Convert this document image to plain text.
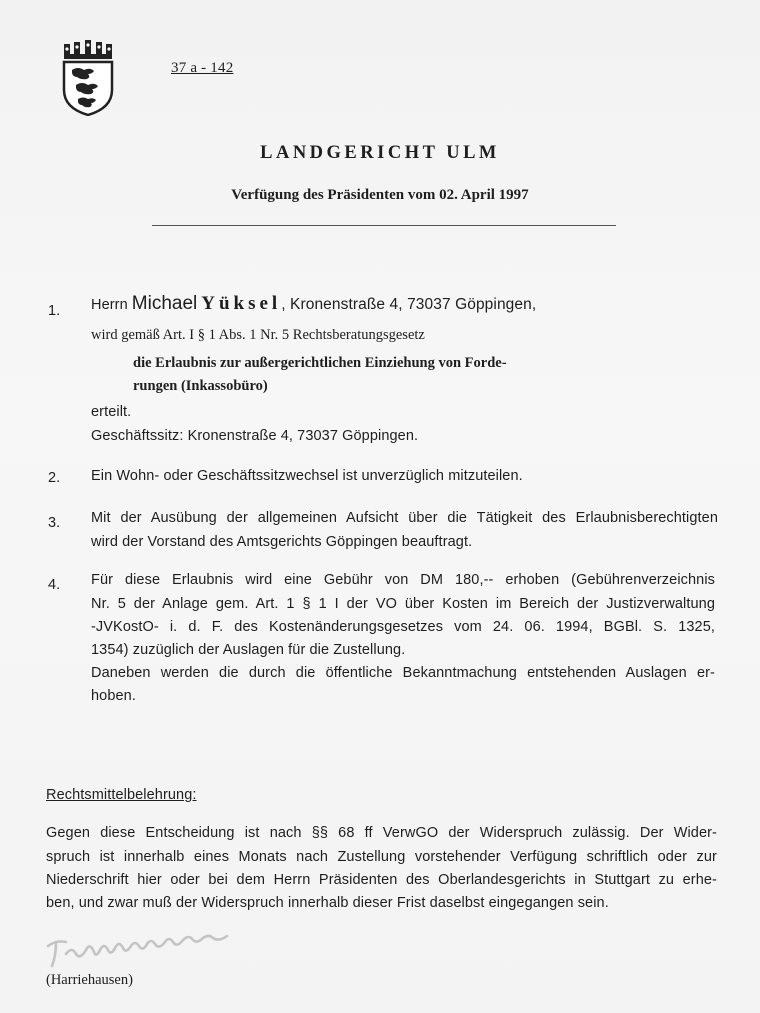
37 a - 142
LANDGERICHT ULM
Verfügung des Präsidenten vom 02. April 1997
1. Herrn Michael Yüksel, Kronenstraße 4, 73037 Göppingen,
wird gemäß Art. I § 1 Abs. 1 Nr. 5 Rechtsberatungsgesetz
die Erlaubnis zur außergerichtlichen Einziehung von Forde-
rungen (Inkassobüro)
erteilt.
Geschäftssitz: Kronenstraße 4, 73037 Göppingen.
2. Ein Wohn- oder Geschäftssitzwechsel ist unverzüglich mitzuteilen.
3. Mit der Ausübung der allgemeinen Aufsicht über die Tätigkeit des Erlaubnisberechtigten
wird der Vorstand des Amtsgerichts Göppingen beauftragt.
4. Für diese Erlaubnis wird eine Gebühr von DM 180,-- erhoben (Gebührenverzeichnis
Nr. 5 der Anlage gem. Art. 1 § 1 I der VO über Kosten im Bereich der Justizverwaltung
-JVKostO- i. d. F. des Kostenänderungsgesetzes vom 24. 06. 1994, BGBl. S. 1325,
1354) zuzüglich der Auslagen für die Zustellung.
Daneben werden die durch die öffentliche Bekanntmachung entstehenden Auslagen er-
hoben.
Rechtsmittelbelehrung:
Gegen diese Entscheidung ist nach §§ 68 ff VerwGO der Widerspruch zulässig. Der Wider-
spruch ist innerhalb eines Monats nach Zustellung vorstehender Verfügung schriftlich oder zur
Niederschrift hier oder bei dem Herrn Präsidenten des Oberlandesgerichts in Stuttgart zu erhe-
ben, und zwar muß der Widerspruch innerhalb dieser Frist daselbst eingegangen sein.
(Harriehausen)
